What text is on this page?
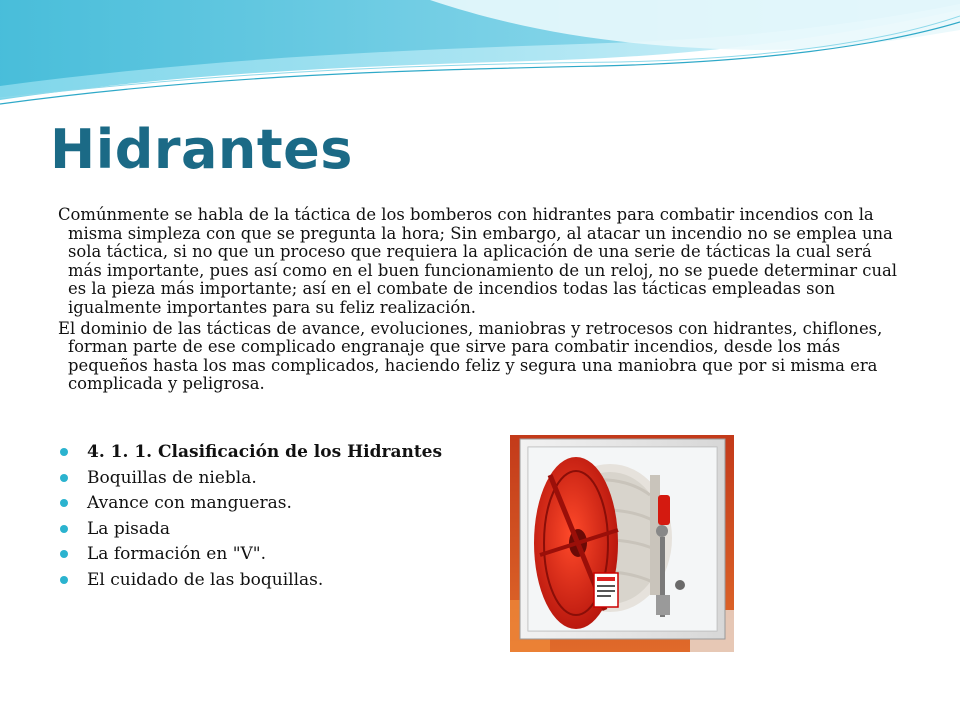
Hidrantes

Comúnmente se habla de la táctica de los bomberos con hidrantes para combatir incendios con la misma simpleza con que se pregunta la hora; Sin embargo, al atacar un incendio no se emplea una sola táctica, si no que un proceso que requiera la aplicación de una serie de tácticas la cual será más importante, pues así como en el buen funcionamiento de un reloj, no se puede determinar cual es la pieza más importante; así en el combate de incendios todas las tácticas empleadas son igualmente importantes para su feliz realización.

El dominio de las tácticas de avance, evoluciones, maniobras y retrocesos con hidrantes, chiflones, forman parte de ese complicado engranaje que sirve para combatir incendios, desde los más pequeños hasta los mas complicados, haciendo feliz y segura una maniobra que por si misma era complicada y peligrosa.

4. 1. 1. Clasificación de los Hidrantes
Boquillas de niebla.
Avance con mangueras.
La pisada
La formación en "V".
El cuidado de las boquillas.
